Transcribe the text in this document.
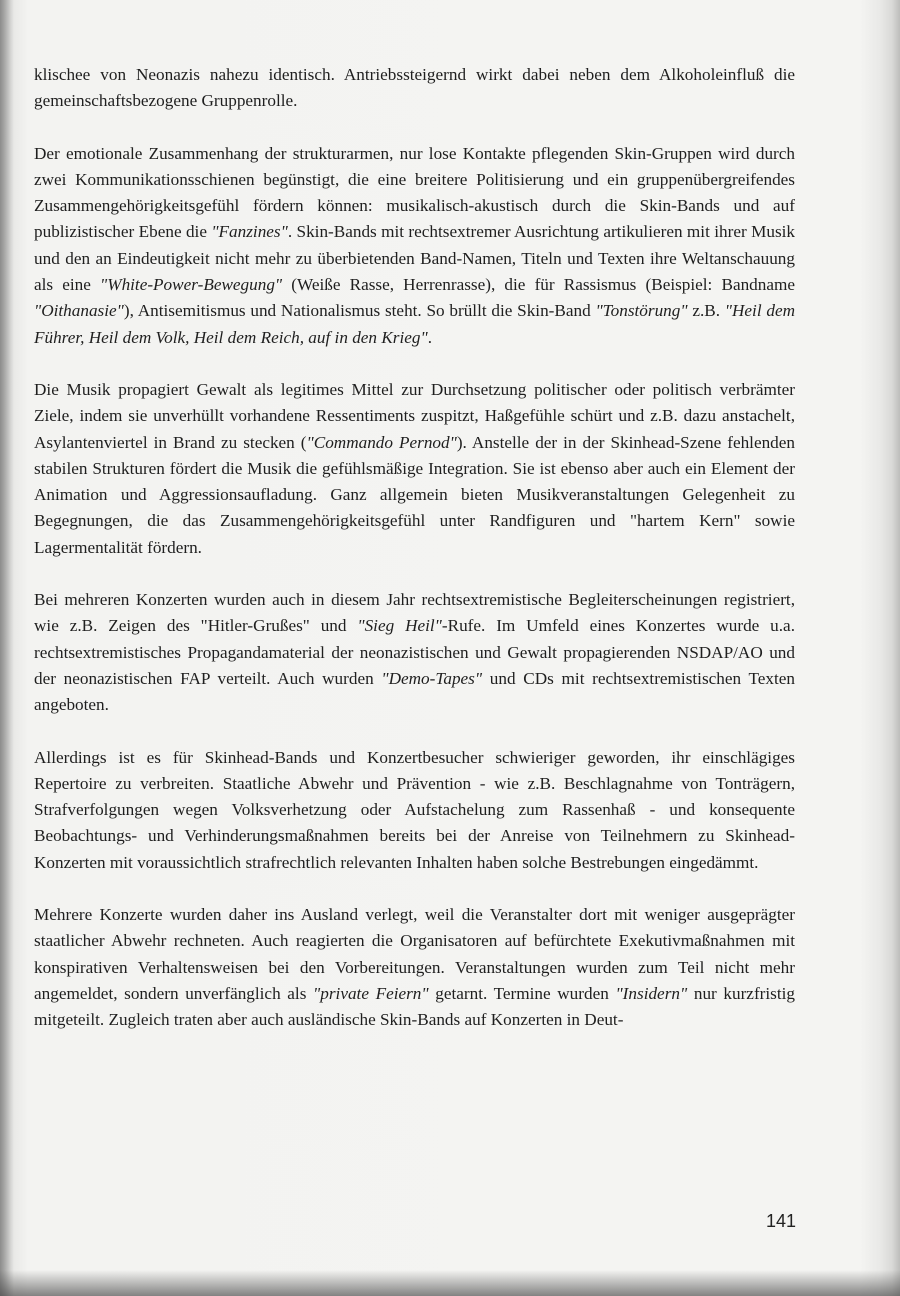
klischee von Neonazis nahezu identisch. Antriebssteigernd wirkt dabei neben dem Alkoholeinfluß die gemeinschaftsbezogene Gruppenrolle.

Der emotionale Zusammenhang der strukturarmen, nur lose Kontakte pflegenden Skin-Gruppen wird durch zwei Kommunikationsschienen begünstigt, die eine breitere Politisierung und ein gruppenübergreifendes Zusammengehörigkeitsgefühl fördern können: musikalisch-akustisch durch die Skin-Bands und auf publizistischer Ebene die "Fanzines". Skin-Bands mit rechtsextremer Ausrichtung artikulieren mit ihrer Musik und den an Eindeutigkeit nicht mehr zu überbietenden Band-Namen, Titeln und Texten ihre Weltanschauung als eine "White-Power-Bewegung" (Weiße Rasse, Herrenrasse), die für Rassismus (Beispiel: Bandname "Oithanasie"), Antisemitismus und Nationalismus steht. So brüllt die Skin-Band "Tonstörung" z.B. "Heil dem Führer, Heil dem Volk, Heil dem Reich, auf in den Krieg".

Die Musik propagiert Gewalt als legitimes Mittel zur Durchsetzung politischer oder politisch verbrämter Ziele, indem sie unverhüllt vorhandene Ressentiments zuspitzt, Haßgefühle schürt und z.B. dazu anstachelt, Asylantenviertel in Brand zu stecken ("Commando Pernod"). Anstelle der in der Skinhead-Szene fehlenden stabilen Strukturen fördert die Musik die gefühlsmäßige Integration. Sie ist ebenso aber auch ein Element der Animation und Aggressionsaufladung. Ganz allgemein bieten Musikveranstaltungen Gelegenheit zu Begegnungen, die das Zusammengehörigkeitsgefühl unter Randfiguren und "hartem Kern" sowie Lagermentalität fördern.

Bei mehreren Konzerten wurden auch in diesem Jahr rechtsextremistische Begleiterscheinungen registriert, wie z.B. Zeigen des "Hitler-Grußes" und "Sieg Heil"-Rufe. Im Umfeld eines Konzertes wurde u.a. rechtsextremistisches Propagandamaterial der neonazistischen und Gewalt propagierenden NSDAP/AO und der neonazistischen FAP verteilt. Auch wurden "Demo-Tapes" und CDs mit rechtsextremistischen Texten angeboten.

Allerdings ist es für Skinhead-Bands und Konzertbesucher schwieriger geworden, ihr einschlägiges Repertoire zu verbreiten. Staatliche Abwehr und Prävention - wie z.B. Beschlagnahme von Tonträgern, Strafverfolgungen wegen Volksverhetzung oder Aufstachelung zum Rassenhaß - und konsequente Beobachtungs- und Verhinderungsmaßnahmen bereits bei der Anreise von Teilnehmern zu Skinhead-Konzerten mit voraussichtlich strafrechtlich relevanten Inhalten haben solche Bestrebungen eingedämmt.

Mehrere Konzerte wurden daher ins Ausland verlegt, weil die Veranstalter dort mit weniger ausgeprägter staatlicher Abwehr rechneten. Auch reagierten die Organisatoren auf befürchtete Exekutivmaßnahmen mit konspirativen Verhaltensweisen bei den Vorbereitungen. Veranstaltungen wurden zum Teil nicht mehr angemeldet, sondern unverfänglich als "private Feiern" getarnt. Termine wurden "Insidern" nur kurzfristig mitgeteilt. Zugleich traten aber auch ausländische Skin-Bands auf Konzerten in Deut-

141
